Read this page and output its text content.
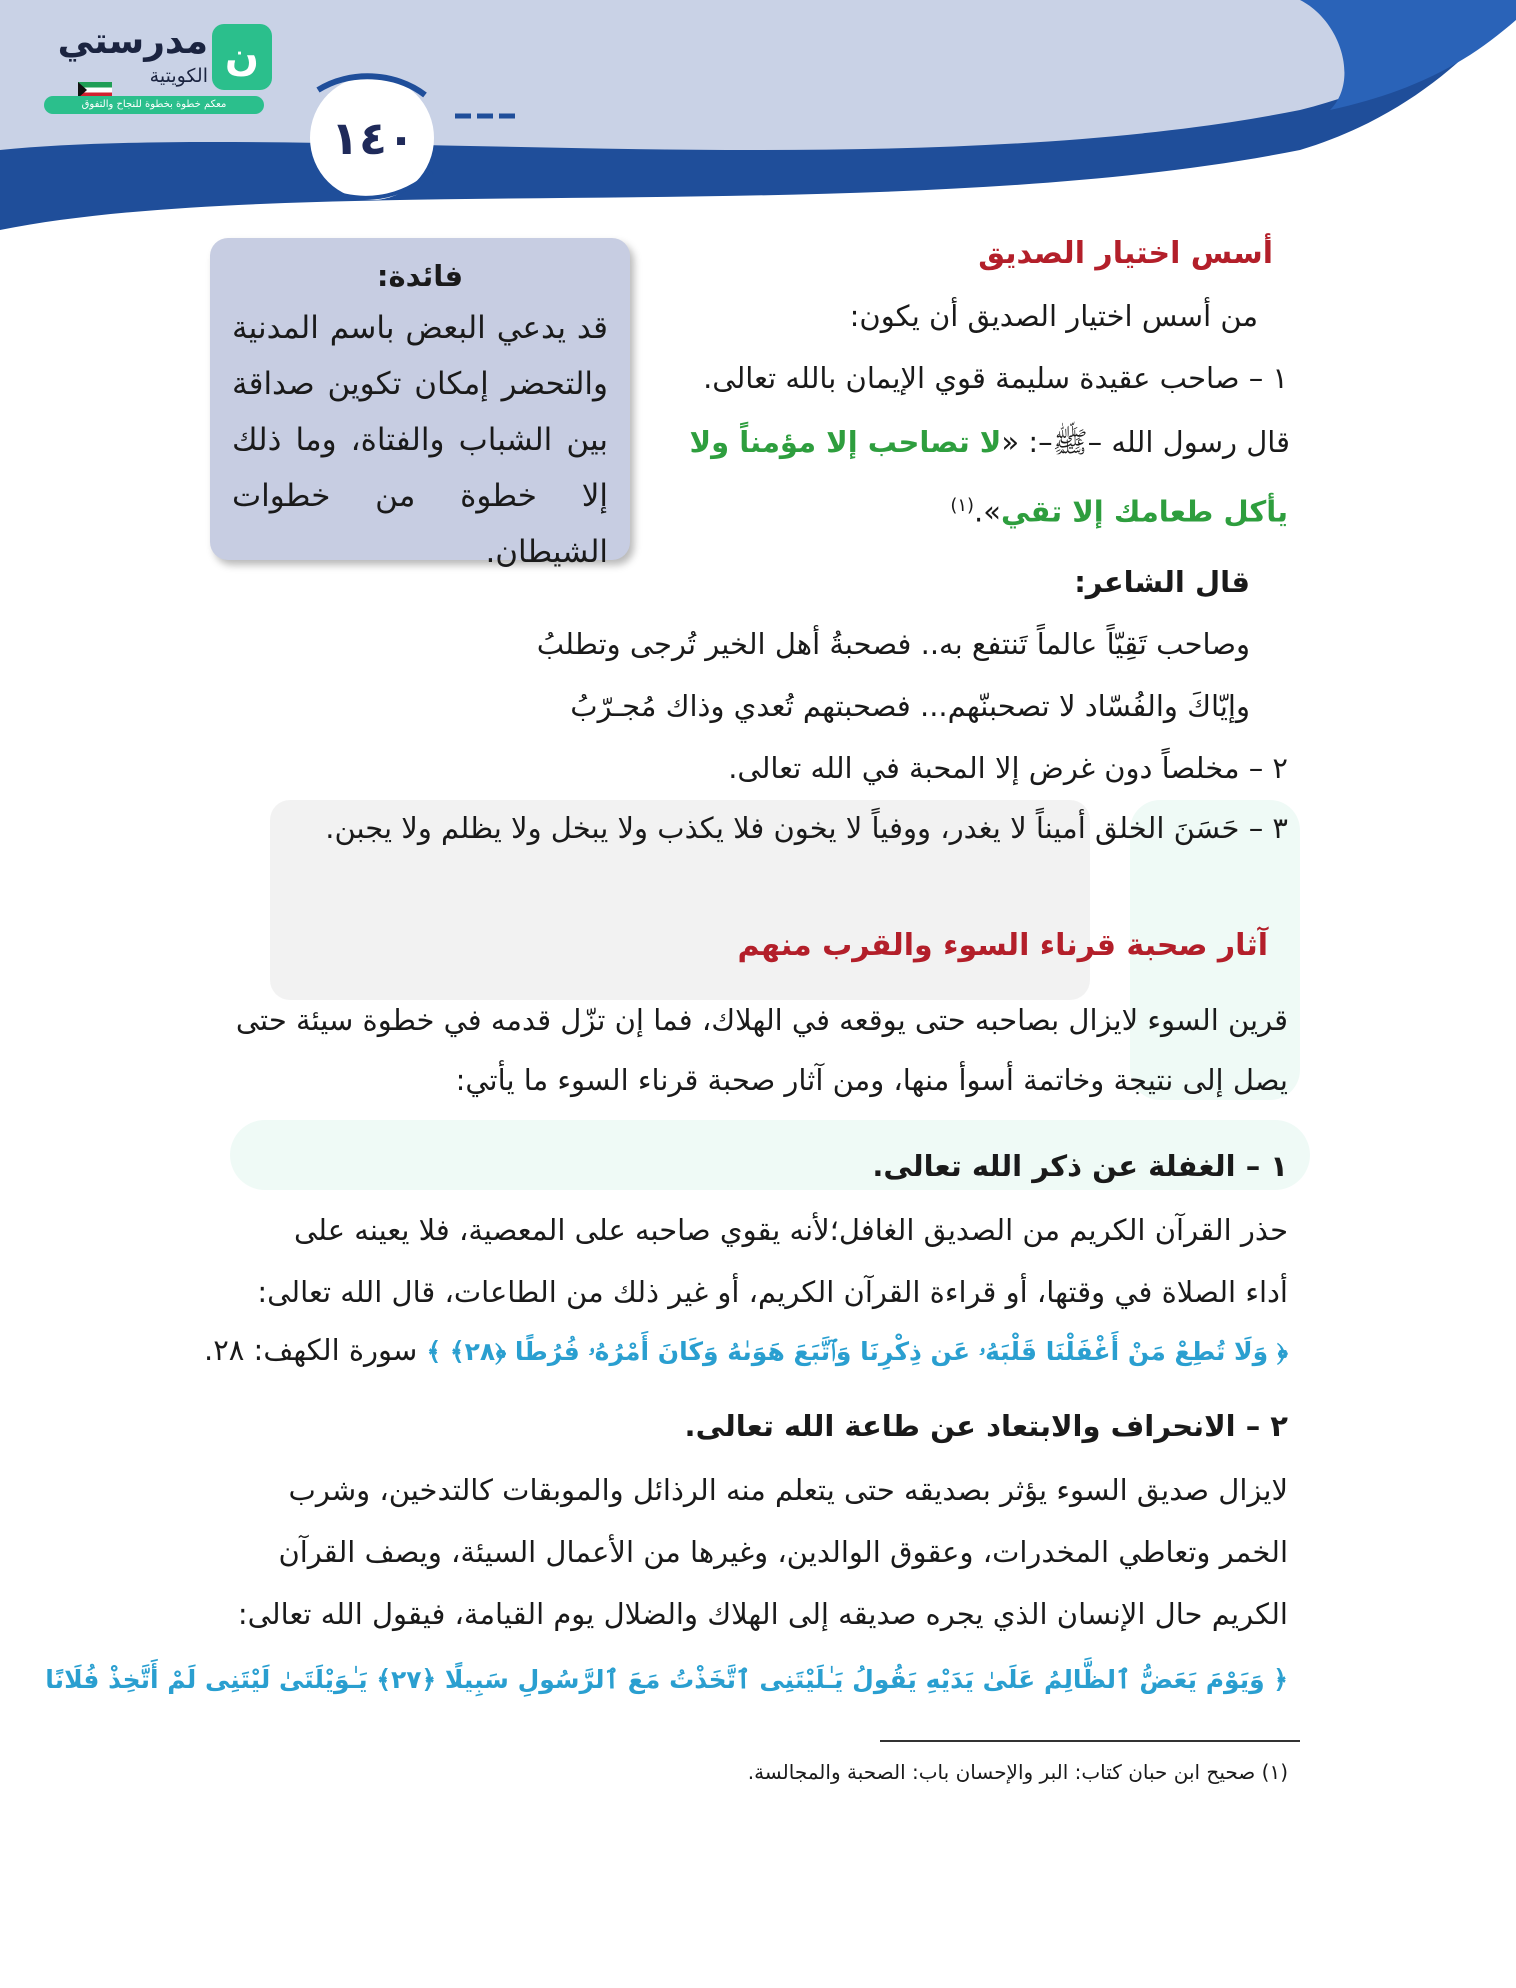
١٤٠
ن
مدرستي
الكويتية
معكم خطوة بخطوة للنجاح والتفوق
فائدة:
قد يدعي البعض باسم المدنية والتحضر إمكان تكوين صداقة بين الشباب والفتاة، وما ذلك إلا خطوة من خطوات الشيطان.
أسس اختيار الصديق
من أسس اختيار الصديق أن يكون:
١ – صاحب عقيدة سليمة قوي الإيمان بالله تعالى.
قال رسول الله –ﷺ–: «لا تصاحب إلا مؤمناً ولا
يأكل طعامك إلا تقي».$^{(١)}$
قال الشاعر:
وصاحب تَقِيّاً عالماً تَنتفع به.. فصحبةُ أهل الخير تُرجى وتطلبُ
وإيّاكَ والفُسّاد لا تصحبنّهم... فصحبتهم تُعدي وذاك مُجـرّبُ
٢ – مخلصاً دون غرض إلا المحبة في الله تعالى.
٣ – حَسَنَ الخلق أميناً لا يغدر، ووفياً لا يخون فلا يكذب ولا يبخل ولا يظلم ولا يجبن.
آثار صحبة قرناء السوء والقرب منهم
قرين السوء لايزال بصاحبه حتى يوقعه في الهلاك، فما إن تزّل قدمه في خطوة سيئة حتى
يصل إلى نتيجة وخاتمة أسوأ منها، ومن آثار صحبة قرناء السوء ما يأتي:
١ – الغفلة عن ذكر الله تعالى.
حذر القرآن الكريم من الصديق الغافل؛لأنه يقوي صاحبه على المعصية، فلا يعينه على
أداء الصلاة في وقتها، أو قراءة القرآن الكريم، أو غير ذلك من الطاعات، قال الله تعالى:
﴿ وَلَا تُطِعْ مَنْ أَغْفَلْنَا قَلْبَهُۥ عَن ذِكْرِنَا وَٱتَّبَعَ هَوَىٰهُ وَكَانَ أَمْرُهُۥ فُرُطًا ﴿٢٨﴾ ﴾ سورة الكهف: ٢٨.
٢ – الانحراف والابتعاد عن طاعة الله تعالى.
لايزال صديق السوء يؤثر بصديقه حتى يتعلم منه الرذائل والموبقات كالتدخين، وشرب
الخمر وتعاطي المخدرات، وعقوق الوالدين، وغيرها من الأعمال السيئة، ويصف القرآن
الكريم حال الإنسان الذي يجره صديقه إلى الهلاك والضلال يوم القيامة، فيقول الله تعالى:
﴿ وَيَوْمَ يَعَضُّ ٱلظَّالِمُ عَلَىٰ يَدَيْهِ يَقُولُ يَـٰلَيْتَنِى ٱتَّخَذْتُ مَعَ ٱلرَّسُولِ سَبِيلًا ﴿٢٧﴾ يَـٰوَيْلَتَىٰ لَيْتَنِى لَمْ أَتَّخِذْ فُلَانًا
(١) صحيح ابن حبان كتاب: البر والإحسان باب: الصحبة والمجالسة.
